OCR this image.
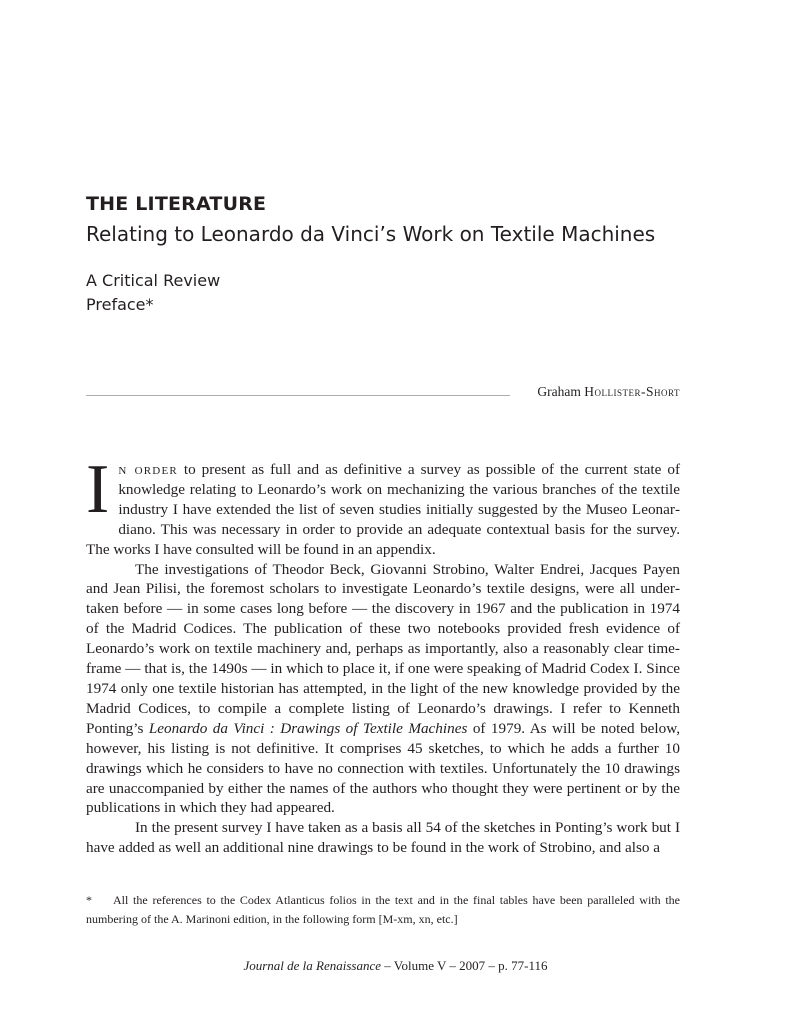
THE LITERATURE
Relating to Leonardo da Vinci’s Work on Textile Machines
A Critical Review
Preface*
Graham Hollister-Short

In order to present as full and as definitive a survey as possible of the current state of knowledge relating to Leonardo’s work on mechanizing the various branches of the textile industry I have extended the list of seven studies initially suggested by the Museo Leonardiano. This was necessary in order to provide an adequate contextual basis for the survey. The works I have consulted will be found in an appendix.

The investigations of Theodor Beck, Giovanni Strobino, Walter Endrei, Jacques Payen and Jean Pilisi, the foremost scholars to investigate Leonardo’s textile designs, were all undertaken before — in some cases long before — the discovery in 1967 and the publication in 1974 of the Madrid Codices. The publication of these two notebooks provided fresh evidence of Leonardo’s work on textile machinery and, perhaps as importantly, also a reasonably clear time-frame — that is, the 1490s — in which to place it, if one were speaking of Madrid Codex I. Since 1974 only one textile historian has attempted, in the light of the new knowledge provided by the Madrid Codices, to compile a complete listing of Leonardo’s drawings. I refer to Kenneth Ponting’s Leonardo da Vinci : Drawings of Textile Machines of 1979. As will be noted below, however, his listing is not definitive. It comprises 45 sketches, to which he adds a further 10 drawings which he considers to have no connection with textiles. Unfortunately the 10 drawings are unaccompanied by either the names of the authors who thought they were pertinent or by the publications in which they had appeared.

In the present survey I have taken as a basis all 54 of the sketches in Ponting’s work but I have added as well an additional nine drawings to be found in the work of Strobino, and also a

* All the references to the Codex Atlanticus folios in the text and in the final tables have been paralleled with the numbering of the A. Marinoni edition, in the following form [M-xm, xn, etc.]
Journal de la Renaissance – Volume V – 2007 – p. 77-116
